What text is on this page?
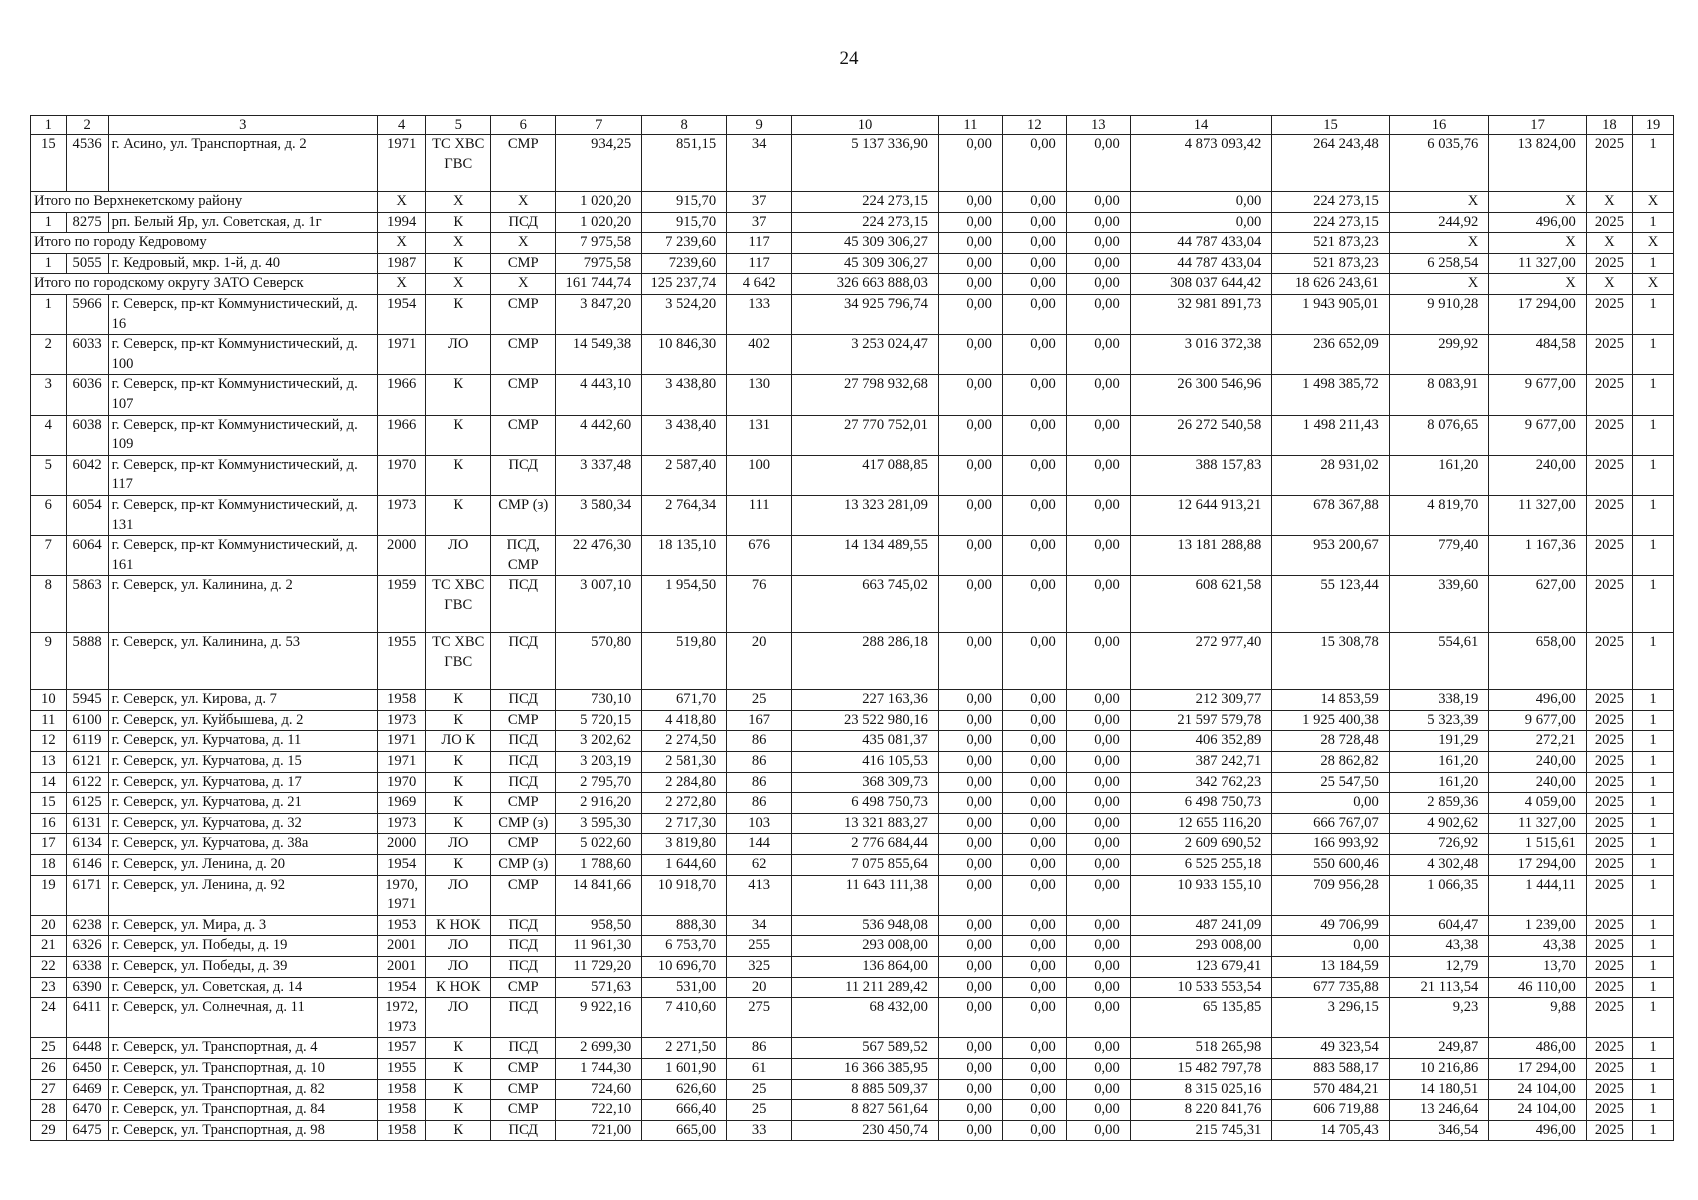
24
1	2	3	4	5	6	7	8	9	10	11	12	13	14	15	16	17	18	19
15	4536	г. Асино, ул. Транспортная, д. 2	1971	ТС ХВС ГВС	СМР	934,25	851,15	34	5 137 336,90	0,00	0,00	0,00	4 873 093,42	264 243,48	6 035,76	13 824,00	2025	1
Итого по Верхнекетскому району			X	X	X	1 020,20	915,70	37	224 273,15	0,00	0,00	0,00	0,00	224 273,15	X	X	X	X
1	8275	рп. Белый Яр, ул. Советская, д. 1г	1994	К	ПСД	1 020,20	915,70	37	224 273,15	0,00	0,00	0,00	0,00	224 273,15	244,92	496,00	2025	1
Итого по городу Кедровому			X	X	X	7 975,58	7 239,60	117	45 309 306,27	0,00	0,00	0,00	44 787 433,04	521 873,23	X	X	X	X
1	5055	г. Кедровый, мкр. 1-й, д. 40	1987	К	СМР	7975,58	7239,60	117	45 309 306,27	0,00	0,00	0,00	44 787 433,04	521 873,23	6 258,54	11 327,00	2025	1
Итого по городскому округу ЗАТО Северск			X	X	X	161 744,74	125 237,74	4 642	326 663 888,03	0,00	0,00	0,00	308 037 644,42	18 626 243,61	X	X	X	X
1	5966	г. Северск, пр-кт Коммунистический, д. 16	1954	К	СМР	3 847,20	3 524,20	133	34 925 796,74	0,00	0,00	0,00	32 981 891,73	1 943 905,01	9 910,28	17 294,00	2025	1
2	6033	г. Северск, пр-кт Коммунистический, д. 100	1971	ЛО	СМР	14 549,38	10 846,30	402	3 253 024,47	0,00	0,00	0,00	3 016 372,38	236 652,09	299,92	484,58	2025	1
3	6036	г. Северск, пр-кт Коммунистический, д. 107	1966	К	СМР	4 443,10	3 438,80	130	27 798 932,68	0,00	0,00	0,00	26 300 546,96	1 498 385,72	8 083,91	9 677,00	2025	1
4	6038	г. Северск, пр-кт Коммунистический, д. 109	1966	К	СМР	4 442,60	3 438,40	131	27 770 752,01	0,00	0,00	0,00	26 272 540,58	1 498 211,43	8 076,65	9 677,00	2025	1
5	6042	г. Северск, пр-кт Коммунистический, д. 117	1970	К	ПСД	3 337,48	2 587,40	100	417 088,85	0,00	0,00	0,00	388 157,83	28 931,02	161,20	240,00	2025	1
6	6054	г. Северск, пр-кт Коммунистический, д. 131	1973	К	СМР (з)	3 580,34	2 764,34	111	13 323 281,09	0,00	0,00	0,00	12 644 913,21	678 367,88	4 819,70	11 327,00	2025	1
7	6064	г. Северск, пр-кт Коммунистический, д. 161	2000	ЛО	ПСД, СМР	22 476,30	18 135,10	676	14 134 489,55	0,00	0,00	0,00	13 181 288,88	953 200,67	779,40	1 167,36	2025	1
8	5863	г. Северск, ул. Калинина, д. 2	1959	ТС ХВС ГВС	ПСД	3 007,10	1 954,50	76	663 745,02	0,00	0,00	0,00	608 621,58	55 123,44	339,60	627,00	2025	1
9	5888	г. Северск, ул. Калинина, д. 53	1955	ТС ХВС ГВС	ПСД	570,80	519,80	20	288 286,18	0,00	0,00	0,00	272 977,40	15 308,78	554,61	658,00	2025	1
10	5945	г. Северск, ул. Кирова, д. 7	1958	К	ПСД	730,10	671,70	25	227 163,36	0,00	0,00	0,00	212 309,77	14 853,59	338,19	496,00	2025	1
11	6100	г. Северск, ул. Куйбышева, д. 2	1973	К	СМР	5 720,15	4 418,80	167	23 522 980,16	0,00	0,00	0,00	21 597 579,78	1 925 400,38	5 323,39	9 677,00	2025	1
12	6119	г. Северск, ул. Курчатова, д. 11	1971	ЛО К	ПСД	3 202,62	2 274,50	86	435 081,37	0,00	0,00	0,00	406 352,89	28 728,48	191,29	272,21	2025	1
13	6121	г. Северск, ул. Курчатова, д. 15	1971	К	ПСД	3 203,19	2 581,30	86	416 105,53	0,00	0,00	0,00	387 242,71	28 862,82	161,20	240,00	2025	1
14	6122	г. Северск, ул. Курчатова, д. 17	1970	К	ПСД	2 795,70	2 284,80	86	368 309,73	0,00	0,00	0,00	342 762,23	25 547,50	161,20	240,00	2025	1
15	6125	г. Северск, ул. Курчатова, д. 21	1969	К	СМР	2 916,20	2 272,80	86	6 498 750,73	0,00	0,00	0,00	6 498 750,73	0,00	2 859,36	4 059,00	2025	1
16	6131	г. Северск, ул. Курчатова, д. 32	1973	К	СМР (з)	3 595,30	2 717,30	103	13 321 883,27	0,00	0,00	0,00	12 655 116,20	666 767,07	4 902,62	11 327,00	2025	1
17	6134	г. Северск, ул. Курчатова, д. 38а	2000	ЛО	СМР	5 022,60	3 819,80	144	2 776 684,44	0,00	0,00	0,00	2 609 690,52	166 993,92	726,92	1 515,61	2025	1
18	6146	г. Северск, ул. Ленина, д. 20	1954	К	СМР (з)	1 788,60	1 644,60	62	7 075 855,64	0,00	0,00	0,00	6 525 255,18	550 600,46	4 302,48	17 294,00	2025	1
19	6171	г. Северск, ул. Ленина, д. 92	1970, 1971	ЛО	СМР	14 841,66	10 918,70	413	11 643 111,38	0,00	0,00	0,00	10 933 155,10	709 956,28	1 066,35	1 444,11	2025	1
20	6238	г. Северск, ул. Мира, д. 3	1953	К НОК	ПСД	958,50	888,30	34	536 948,08	0,00	0,00	0,00	487 241,09	49 706,99	604,47	1 239,00	2025	1
21	6326	г. Северск, ул. Победы, д. 19	2001	ЛО	ПСД	11 961,30	6 753,70	255	293 008,00	0,00	0,00	0,00	293 008,00	0,00	43,38	43,38	2025	1
22	6338	г. Северск, ул. Победы, д. 39	2001	ЛО	ПСД	11 729,20	10 696,70	325	136 864,00	0,00	0,00	0,00	123 679,41	13 184,59	12,79	13,70	2025	1
23	6390	г. Северск, ул. Советская, д. 14	1954	К НОК	СМР	571,63	531,00	20	11 211 289,42	0,00	0,00	0,00	10 533 553,54	677 735,88	21 113,54	46 110,00	2025	1
24	6411	г. Северск, ул. Солнечная, д. 11	1972, 1973	ЛО	ПСД	9 922,16	7 410,60	275	68 432,00	0,00	0,00	0,00	65 135,85	3 296,15	9,23	9,88	2025	1
25	6448	г. Северск, ул. Транспортная, д. 4	1957	К	ПСД	2 699,30	2 271,50	86	567 589,52	0,00	0,00	0,00	518 265,98	49 323,54	249,87	486,00	2025	1
26	6450	г. Северск, ул. Транспортная, д. 10	1955	К	СМР	1 744,30	1 601,90	61	16 366 385,95	0,00	0,00	0,00	15 482 797,78	883 588,17	10 216,86	17 294,00	2025	1
27	6469	г. Северск, ул. Транспортная, д. 82	1958	К	СМР	724,60	626,60	25	8 885 509,37	0,00	0,00	0,00	8 315 025,16	570 484,21	14 180,51	24 104,00	2025	1
28	6470	г. Северск, ул. Транспортная, д. 84	1958	К	СМР	722,10	666,40	25	8 827 561,64	0,00	0,00	0,00	8 220 841,76	606 719,88	13 246,64	24 104,00	2025	1
29	6475	г. Северск, ул. Транспортная, д. 98	1958	К	ПСД	721,00	665,00	33	230 450,74	0,00	0,00	0,00	215 745,31	14 705,43	346,54	496,00	2025	1
